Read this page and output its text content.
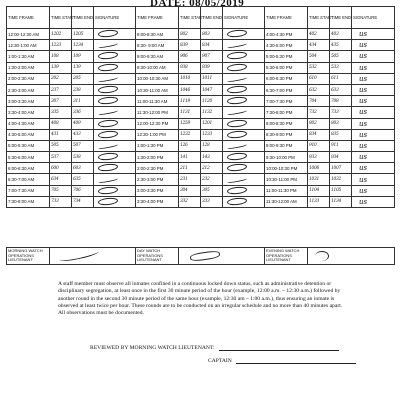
DATE: 08/05/2019
TIME FRAME	TIME START	TIME END	SIGNATURE	TIME FRAME	TIME START	TIME END	SIGNATURE	TIME FRAME	TIME START	TIME END	SIGNATURE
12:00-12:30 AM	1202	1205		8:00-8:30 AM	802	803		4:00-4:30 PM	402	403	us
12:30-1:00 AM	1233	1234		8:30- 9:00 AM	839	834		4:30-5:00 PM	434	435	us
1:00-1:30 AM	108	109		9:00-9:30 AM	906	907		5:00-5:30 PM	504	505	us
1:30-2:00 AM	139	139		9:30-10:00 AM	938	939		5:30-6:00 PM	532	533	us
2:00-2:30 AM	202	205		10:00-10:30 AM	1010	1011		6:00-6:30 PM	610	611	us
2:30-3:00 AM	237	238		10:30-11:00 AM	1046	1047		6:30-7:00 PM	632	633	us
3:00-3:30 AM	307	311		11:00-11:30 AM	1119	1120		7:00-7:30 PM	704	708	us
3:30-4:00 AM	335	336		11:30-12:00 PM	1131	1132		7:30-8:00 PM	732	733	us
4:00-4:30 AM	408	409		12:00-12:30 PM	1259	1201		8:00-8:30 PM	802	803	us
4:30-5:00 AM	431	433		12:30-1:00 PM	1232	1233		8:30-9:00 PM	834	835	us
5:00-5:30 AM	505	507		1:00-1:30 PM	126	128		9:00-9:30 PM	910	911	us
5:30-6:00 AM	537	538		1:30-2:00 PM	141	143		9:30-10:00 PM	933	934	us
6:00-6:30 AM	600	603		2:00-2:30 PM	211	212		10:00-10:30 PM	1006	1007	us
6:30-7:00 AM	634	635		2:30-3:00 PM	231	232		10:30-11:00 PM	1031	1032	us
7:00-7:30 AM	705	706		3:00-3:30 PM	304	305		11:00-11:30 PM	1104	1105	us
7:30-8:00 AM	733	734		3:30-4:00 PM	332	333		11:30-12:00 AM	1133	1134	us
MORNING WATCH OPERATIONS LIEUTENANT		DAY WATCH OPERATIONS LIEUTENANT		EVENING WATCH OPERATIONS LIEUTENANT	

A staff member must observe all inmates confined in a continuous locked down status, such as administrative detention or disciplinary segregation, at least once in the first 30 minute period of the hour (example, 12:00 a.m. – 12:30 a.m.) followed by another round in the second 30 minute period of the same hour (example, 12:30 am – 1:00 a.m.), thus ensuring an inmate is observed at least twice per hour. These rounds are to be conducted on an irregular schedule and no more than 40 minutes apart. All observations must be documented.

REVIEWED BY MORNING WATCH LIEUTENANT:
CAPTAIN
